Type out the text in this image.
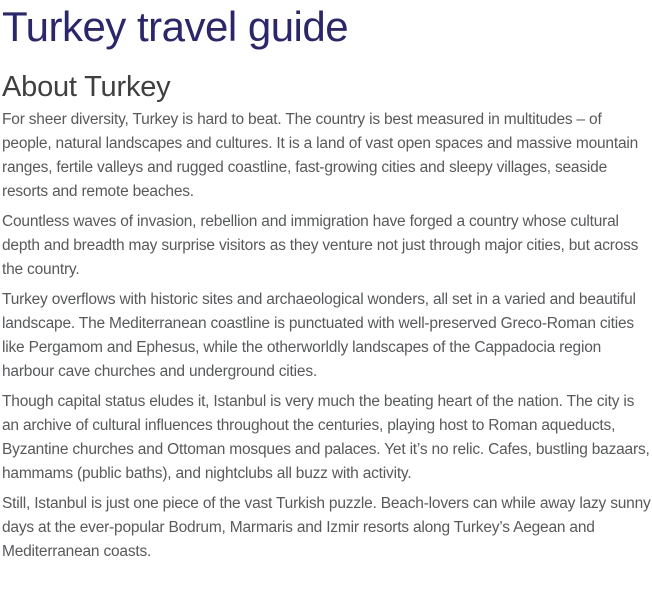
Turkey travel guide
About Turkey

For sheer diversity, Turkey is hard to beat. The country is best measured in multitudes – of people, natural landscapes and cultures. It is a land of vast open spaces and massive mountain ranges, fertile valleys and rugged coastline, fast-growing cities and sleepy villages, seaside resorts and remote beaches.

Countless waves of invasion, rebellion and immigration have forged a country whose cultural depth and breadth may surprise visitors as they venture not just through major cities, but across the country.

Turkey overflows with historic sites and archaeological wonders, all set in a varied and beautiful landscape. The Mediterranean coastline is punctuated with well-preserved Greco-Roman cities like Pergamom and Ephesus, while the otherworldly landscapes of the Cappadocia region harbour cave churches and underground cities.

Though capital status eludes it, Istanbul is very much the beating heart of the nation. The city is an archive of cultural influences throughout the centuries, playing host to Roman aqueducts, Byzantine churches and Ottoman mosques and palaces. Yet it’s no relic. Cafes, bustling bazaars, hammams (public baths), and nightclubs all buzz with activity.

Still, Istanbul is just one piece of the vast Turkish puzzle. Beach-lovers can while away lazy sunny days at the ever-popular Bodrum, Marmaris and Izmir resorts along Turkey’s Aegean and Mediterranean coasts.
